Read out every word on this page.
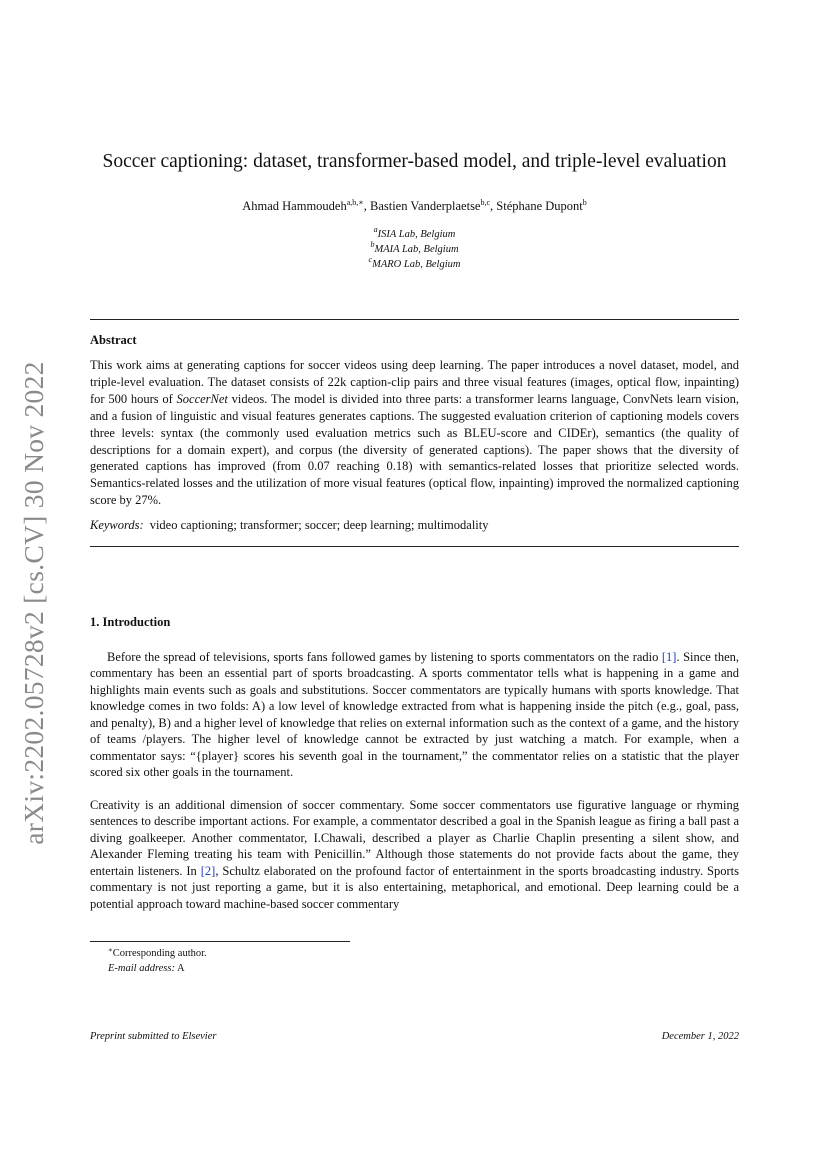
arXiv:2202.05728v2 [cs.CV] 30 Nov 2022
Soccer captioning: dataset, transformer-based model, and triple-level evaluation
Ahmad Hammoudeh$^{a,b,∗}$, Bastien Vanderplaetse$^{b,c}$, Stéphane Dupont$^b$
$^a$ISIA Lab, Belgium
$^b$MAIA Lab, Belgium
$^c$MARO Lab, Belgium
Abstract

This work aims at generating captions for soccer videos using deep learning. The paper introduces a novel dataset, model, and triple-level evaluation. The dataset consists of 22k caption-clip pairs and three visual features (images, optical flow, inpainting) for 500 hours of SoccerNet videos. The model is divided into three parts: a transformer learns language, ConvNets learn vision, and a fusion of linguistic and visual features generates captions. The suggested evaluation criterion of captioning models covers three levels: syntax (the commonly used evaluation metrics such as BLEU-score and CIDEr), semantics (the quality of descriptions for a domain expert), and corpus (the diversity of generated captions). The paper shows that the diversity of generated captions has improved (from 0.07 reaching 0.18) with semantics-related losses that prioritize selected words. Semantics-related losses and the utilization of more visual features (optical flow, inpainting) improved the normalized captioning score by 27%.

Keywords: video captioning; transformer; soccer; deep learning; multimodality
1. Introduction

Before the spread of televisions, sports fans followed games by listening to sports commentators on the radio [1]. Since then, commentary has been an essential part of sports broadcasting. A sports commentator tells what is happening in a game and highlights main events such as goals and substitutions. Soccer commentators are typically humans with sports knowledge. That knowledge comes in two folds: A) a low level of knowledge extracted from what is happening inside the pitch (e.g., goal, pass, and penalty), B) and a higher level of knowledge that relies on external information such as the context of a game, and the history of teams /players. The higher level of knowledge cannot be extracted by just watching a match. For example, when a commentator says: “{player} scores his seventh goal in the tournament,” the commentator relies on a statistic that the player scored six other goals in the tournament.

Creativity is an additional dimension of soccer commentary. Some soccer commentators use figurative language or rhyming sentences to describe important actions. For example, a commentator described a goal in the Spanish league as firing a ball past a diving goalkeeper. Another commentator, I.Chawali, described a player as Charlie Chaplin presenting a silent show, and Alexander Fleming treating his team with Penicillin.” Although those statements do not provide facts about the game, they entertain listeners. In [2], Schultz elaborated on the profound factor of entertainment in the sports broadcasting industry. Sports commentary is not just reporting a game, but it is also entertaining, metaphorical, and emotional. Deep learning could be a potential approach toward machine-based soccer commentary

∗Corresponding author.
E-mail address: A
Preprint submitted to Elsevier	December 1, 2022
